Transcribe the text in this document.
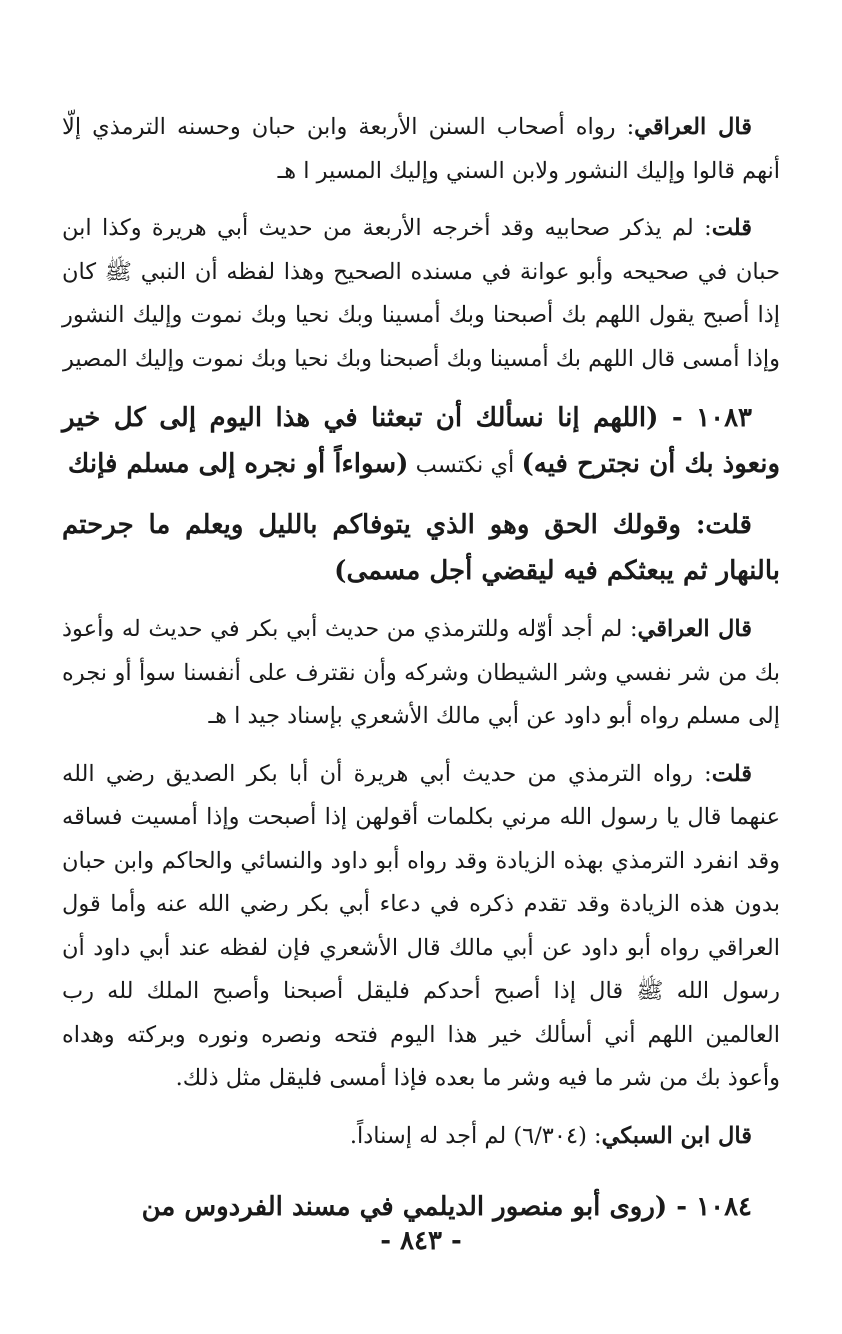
قال العراقي: رواه أصحاب السنن الأربعة وابن حبان وحسنه الترمذي إلّا أنهم قالوا وإليك النشور ولابن السني وإليك المسير ا هـ

قلت: لم يذكر صحابيه وقد أخرجه الأربعة من حديث أبي هريرة وكذا ابن حبان في صحيحه وأبو عوانة في مسنده الصحيح وهذا لفظه أن النبي ﷺ كان إذا أصبح يقول اللهم بك أصبحنا وبك أمسينا وبك نحيا وبك نموت وإليك النشور وإذا أمسى قال اللهم بك أمسينا وبك أصبحنا وبك نحيا وبك نموت وإليك المصير

١٠٨٣ - (اللهم إنا نسألك أن تبعثنا في هذا اليوم إلى كل خير ونعوذ بك أن نجترح فيه) أي نكتسب (سواءاً أو نجره إلى مسلم فإنك

قلت: وقولك الحق وهو الذي يتوفاكم بالليل ويعلم ما جرحتم بالنهار ثم يبعثكم فيه ليقضي أجل مسمى)

قال العراقي: لم أجد أوّله وللترمذي من حديث أبي بكر في حديث له وأعوذ بك من شر نفسي وشر الشيطان وشركه وأن نقترف على أنفسنا سوأ أو نجره إلى مسلم رواه أبو داود عن أبي مالك الأشعري بإسناد جيد ا هـ

قلت: رواه الترمذي من حديث أبي هريرة أن أبا بكر الصديق رضي الله عنهما قال يا رسول الله مرني بكلمات أقولهن إذا أصبحت وإذا أمسيت فساقه وقد انفرد الترمذي بهذه الزيادة وقد رواه أبو داود والنسائي والحاكم وابن حبان بدون هذه الزيادة وقد تقدم ذكره في دعاء أبي بكر رضي الله عنه وأما قول العراقي رواه أبو داود عن أبي مالك قال الأشعري فإن لفظه عند أبي داود أن رسول الله ﷺ قال إذا أصبح أحدكم فليقل أصبحنا وأصبح الملك لله رب العالمين اللهم أني أسألك خير هذا اليوم فتحه ونصره ونوره وبركته وهداه وأعوذ بك من شر ما فيه وشر ما بعده فإذا أمسى فليقل مثل ذلك.

قال ابن السبكي: (٦/٣٠٤) لم أجد له إسناداً.

١٠٨٤ - (روى أبو منصور الديلمي في مسند الفردوس من

- ٨٤٣ -
